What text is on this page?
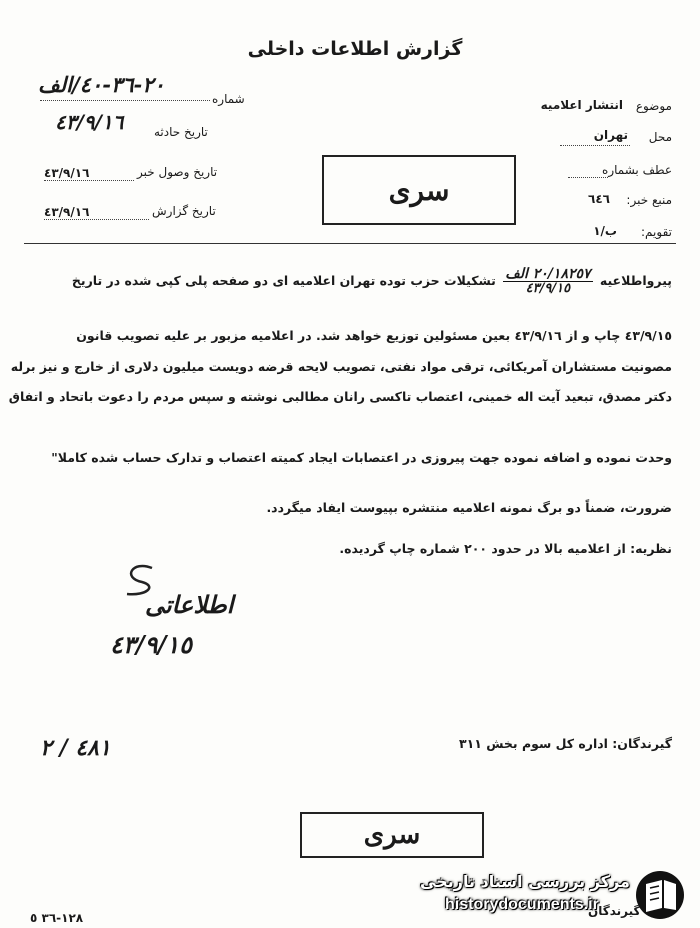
گزارش اطلاعات داخلی
شماره
٢٠-٣٦-٤٠/الف
تاریخ حادثه
٤٣/٩/١٦
تاریخ وصول خبر
٤٣/٩/١٦
تاریخ گزارش
٤٣/٩/١٦
موضوع
انتشار اعلامیه
محل
تهران
عطف بشماره
منبع خبر:
٦٤٦
تقویم:
ب/١
سری
پیرواطلاعیه
$\frac{\text{٢٠/١٨٢٥٧ الف}}{٤٣/٩/١٥}$
تشکیلات حزب توده تهران اعلامیه ای دو صفحه پلی کپی شده در تاریخ
٤٣/٩/١٥ چاپ و از ٤٣/٩/١٦ بعین مسئولین توزیع خواهد شد. در اعلامیه مزبور بر علیه تصویب قانون
مصونیت مستشاران آمریکائی، ترقی مواد نفتی، تصویب لایحه قرضه دویست میلیون دلاری از خارج و نیز برله
دکتر مصدق، تبعید آیت اله خمینی، اعتصاب تاکسی رانان مطالبی نوشته و سپس مردم را دعوت باتحاد و اتفاق
وحدت نموده و اضافه نموده جهت پیروزی در اعتصابات ایجاد کمیته اعتصاب و تدارک حساب شده کاملا"
ضرورت، ضمناً دو برگ نمونه اعلامیه منتشره بپیوست ایفاد میگردد.
نظریه: از اعلامیه بالا در حدود ٢٠٠ شماره چاپ گردیده.
اطلاعاتی
٤٣/٩/١٥
گیرندگان: اداره کل سوم بخش ٣١١
٤٨١ / ٢
سری
١٢٨-٣٦ ٥	گیرندگان
مرکز بررسی اسناد تاریخی
historydocuments.ir
